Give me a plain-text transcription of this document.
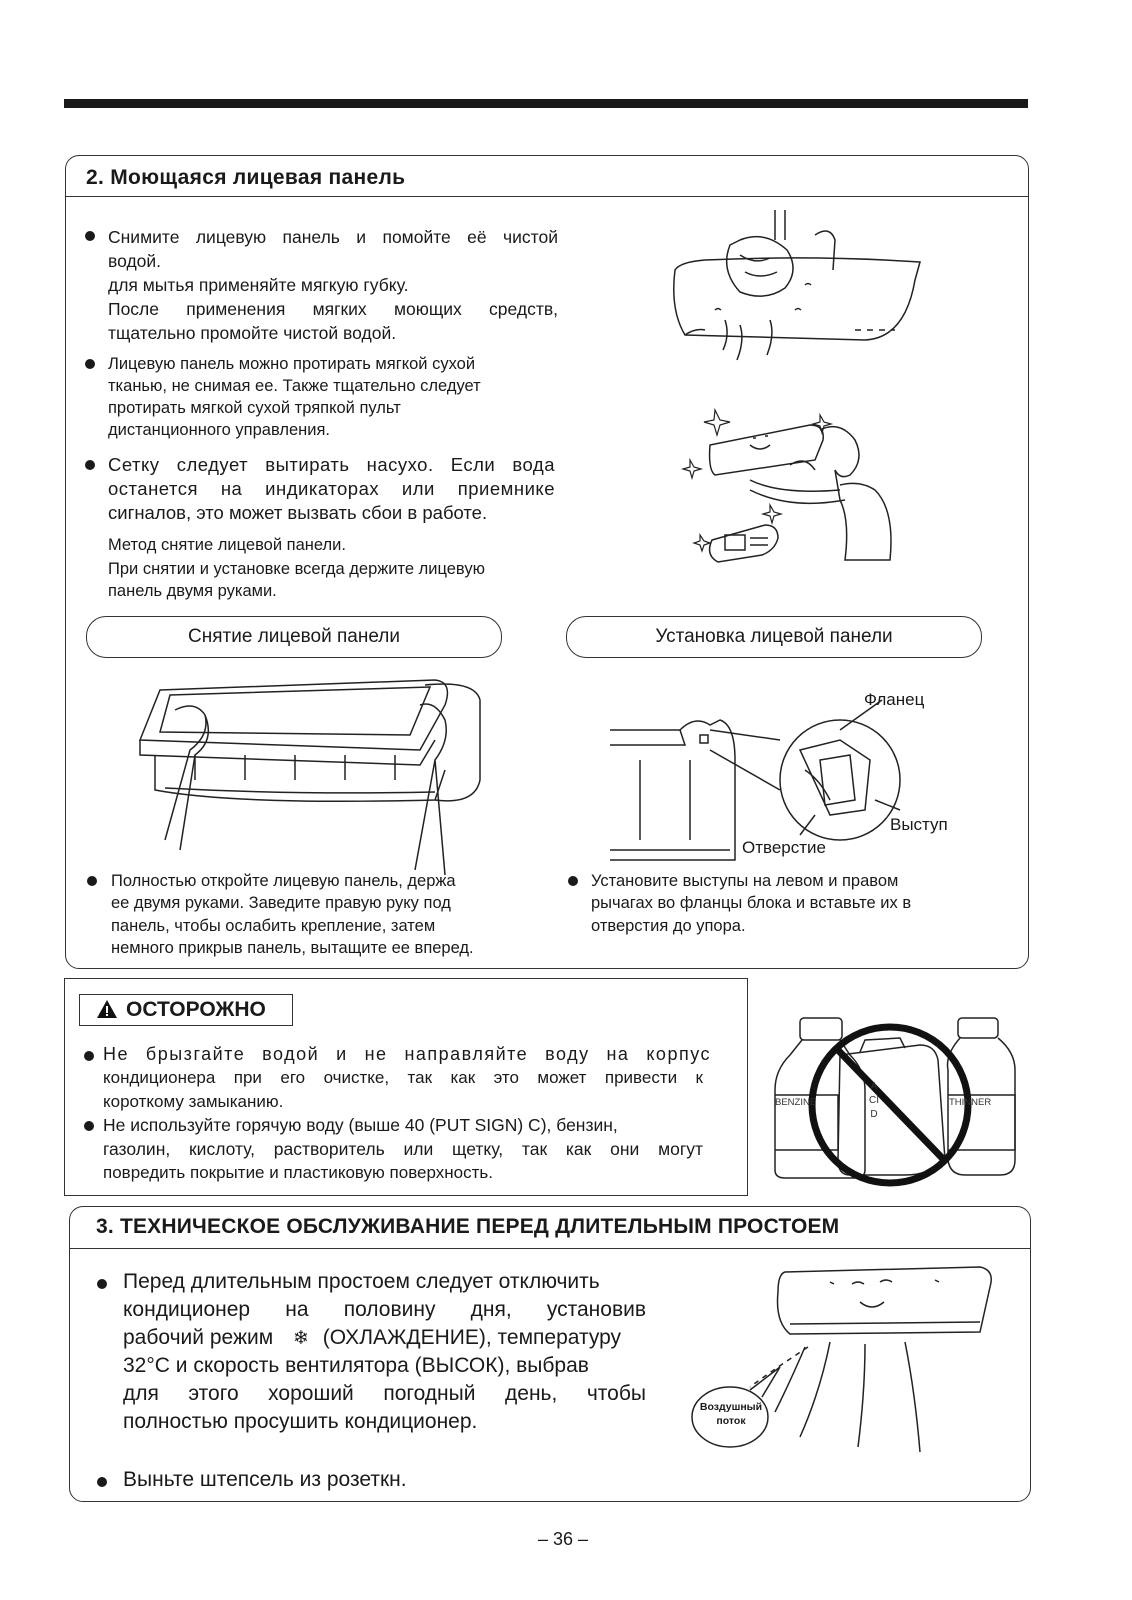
2. Моющаяся лицевая панель
Снимите лицевую панель и помойте её чистой
водой.
для мытья применяйте мягкую губку.
После применения мягких моющих средств,
тщательно промойте чистой водой.
Лицевую панель можно протирать мягкой сухой
тканью, не снимая ее. Также тщательно следует
протирать мягкой сухой тряпкой пульт
дистанционного управления.
Сетку следует вытирать насухо. Если вода
останется на индикаторах или приемнике
сигналов, это может вызвать сбои в работе.
Метод снятие лицевой панели.
При снятии и установке всегда держите лицевую
панель двумя руками.
Снятие лицевой панели	Установка лицевой панели
Фланец
Выступ
Отверстие
Полностью откройте лицевую панель, держа
ее двумя руками. Заведите правую руку под
панель, чтобы ослабить крепление, затем
немного прикрыв панель, вытащите ее вперед.
Установите выступы на левом и правом
рычагах во фланцы блока и вставьте их в
отверстия до упора.
ОСТОРОЖНО
Не брызгайте водой и не направляйте воду на корпус
кондиционера при его очистке, так как это может привести к
короткому замыканию.
Не используйте горячую воду (выше 40 (PUT SIGN) С), бензин,
газолин, кислоту, растворитель или щетку, так как они могут
повредить покрытие и пластиковую поверхность.
BENZINE
ACID
THINNER
3. ТЕХНИЧЕСКОЕ ОБСЛУЖИВАНИЕ ПЕРЕД ДЛИТЕЛЬНЫМ ПРОСТОЕМ
Перед длительным простоем следует отключить
кондиционер на половину дня, установив
рабочий режим ❄ (ОХЛАЖДЕНИЕ), температуру
32°С и скорость вентилятора (ВЫСОК), выбрав
для этого хороший погодный день, чтобы
полностью просушить кондиционер.
Выньте штепсель из розеткн.
Воздушный
поток
– 36 –
